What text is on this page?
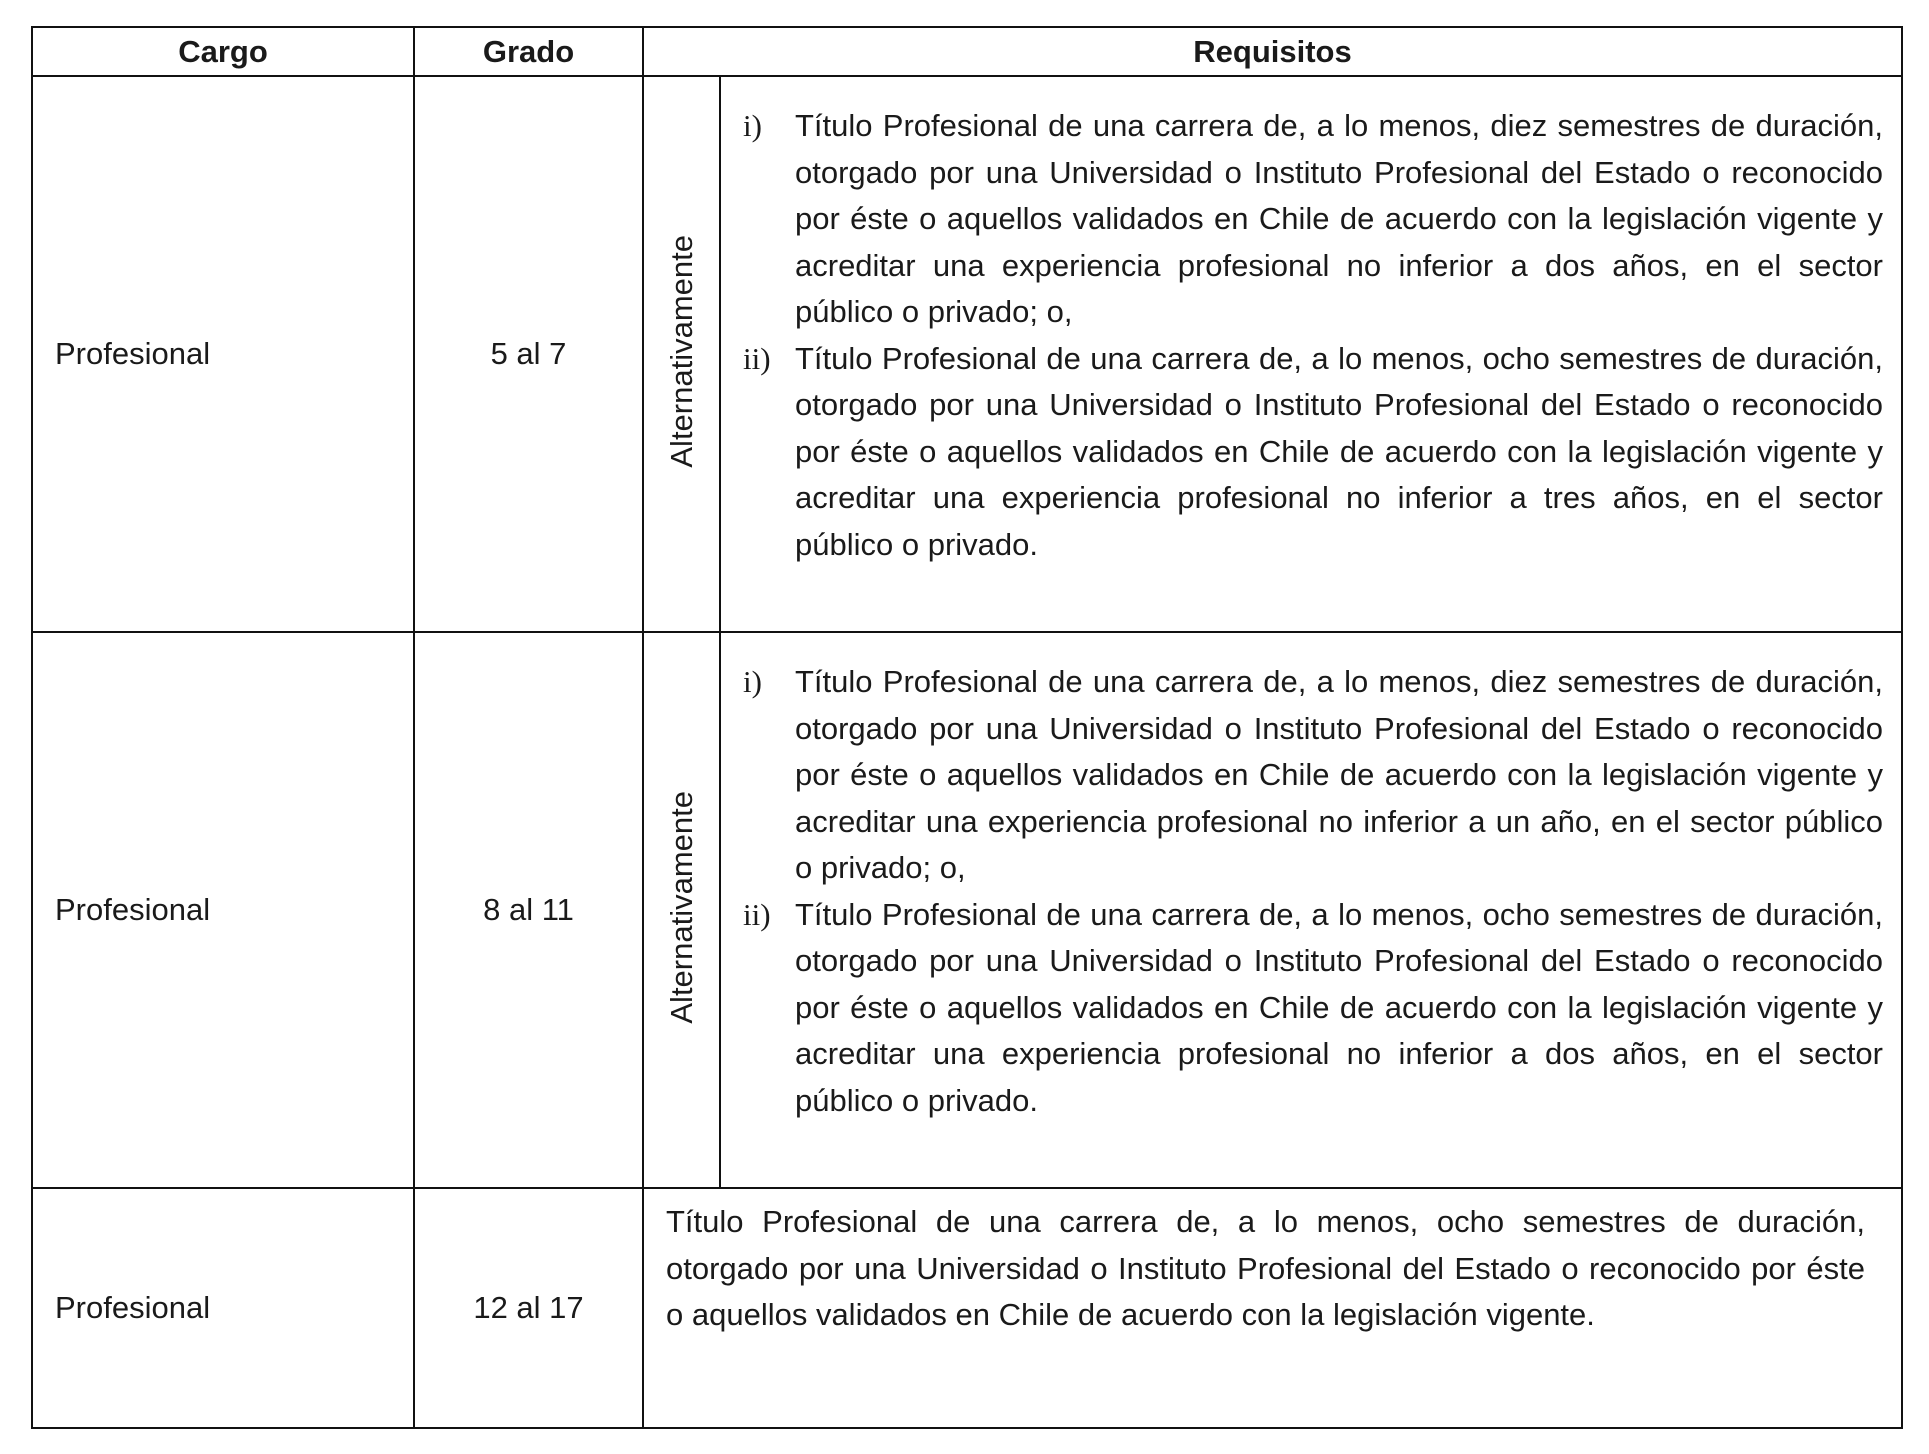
Cargo	Grado	Requisitos	
Profesional	5 al 7	Alternativamente	i) Título Profesional de una carrera de, a lo menos, diez semestres de duración, otorgado por una Universidad o Instituto Profesional del Estado o reconocido por éste o aquellos validados en Chile de acuerdo con la legislación vigente y acreditar una experiencia profesional no inferior a dos años, en el sector público o privado; o,
ii) Título Profesional de una carrera de, a lo menos, ocho semestres de duración, otorgado por una Universidad o Instituto Profesional del Estado o reconocido por éste o aquellos validados en Chile de acuerdo con la legislación vigente y acreditar una experiencia profesional no inferior a tres años, en el sector público o privado.

Profesional	8 al 11	Alternativamente	i) Título Profesional de una carrera de, a lo menos, diez semestres de duración, otorgado por una Universidad o Instituto Profesional del Estado o reconocido por éste o aquellos validados en Chile de acuerdo con la legislación vigente y acreditar una experiencia profesional no inferior a un año, en el sector público o privado; o,
ii) Título Profesional de una carrera de, a lo menos, ocho semestres de duración, otorgado por una Universidad o Instituto Profesional del Estado o reconocido por éste o aquellos validados en Chile de acuerdo con la legislación vigente y acreditar una experiencia profesional no inferior a dos años, en el sector público o privado.

Profesional	12 al 17	Título Profesional de una carrera de, a lo menos, ocho semestres de duración, otorgado por una Universidad o Instituto Profesional del Estado o reconocido por éste o aquellos validados en Chile de acuerdo con la legislación vigente.	
